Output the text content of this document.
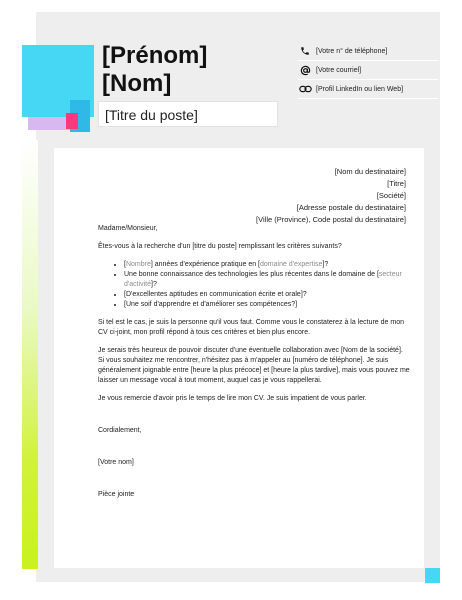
[Prénom]
[Nom]
[Titre du poste]
[Votre n° de téléphone]
[Votre courriel]
[Profil LinkedIn ou lien Web]
[Nom du destinataire]
[Titre]
[Société]
[Adresse postale du destinataire]
[Ville (Province), Code postal du destinataire]

Madame/Monsieur,

Êtes-vous à la recherche d'un [titre du poste] remplissant les critères suivants?

• [Nombre] années d'expérience pratique en [domaine d'expertise]?
• Une bonne connaissance des technologies les plus récentes dans le domaine de [secteur d'activité]?
• [D'excellentes aptitudes en communication écrite et orale]?
• [Une soif d'apprendre et d'améliorer ses compétences?]

Si tel est le cas, je suis la personne qu'il vous faut. Comme vous le constaterez à la lecture de mon CV ci-joint, mon profil répond à tous ces critères et bien plus encore.

Je serais très heureux de pouvoir discuter d'une éventuelle collaboration avec [Nom de la société]. Si vous souhaitez me rencontrer, n'hésitez pas à m'appeler au [numéro de téléphone]. Je suis généralement joignable entre [heure la plus précoce] et [heure la plus tardive], mais vous pouvez me laisser un message vocal à tout moment, auquel cas je vous rappellerai.

Je vous remercie d'avoir pris le temps de lire mon CV. Je suis impatient de vous parler.

Cordialement,

[Votre nom]

Pièce jointe
